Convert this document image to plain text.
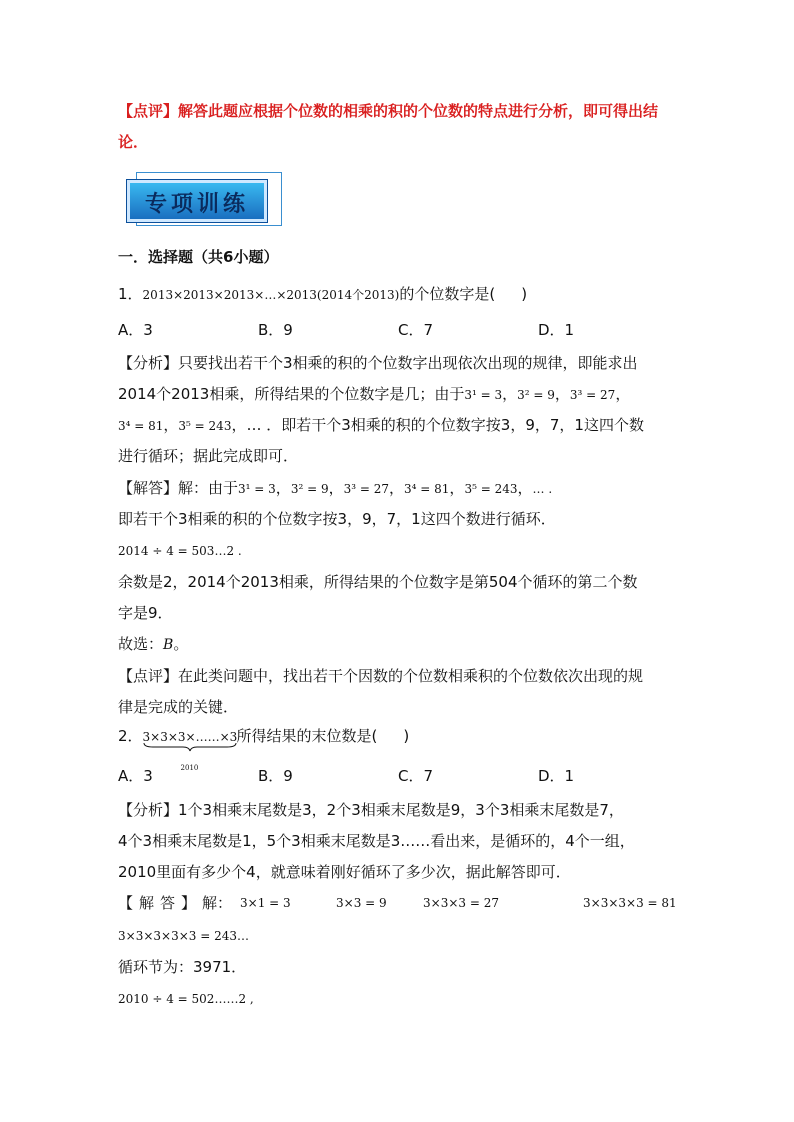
【点评】解答此题应根据个位数的相乘的积的个位数的特点进行分析，即可得出结论．
专项训练
一．选择题（共6小题）
1．2013×2013×2013×…×2013(2014个2013)的个位数字是( )
A．3	B．9	C．7	D．1
【分析】只要找出若干个3相乘的积的个位数字出现依次出现的规律，即能求出
2014个2013相乘，所得结果的个位数字是几；由于3¹ = 3，3² = 9，3³ = 27，
3⁴ = 81，3⁵ = 243，… ．即若干个3相乘的积的个位数字按3，9，7，1这四个数
进行循环；据此完成即可．
【解答】解：由于3¹ = 3，3² = 9，3³ = 27，3⁴ = 81，3⁵ = 243，… .
即若干个3相乘的积的个位数字按3，9，7，1这四个数进行循环．
2014 ÷ 4 = 503…2 .
余数是2，2014个2013相乘，所得结果的个位数字是第504个循环的第二个数
字是9．
故选：B。
【点评】在此类问题中，找出若干个因数的个位数相乘积的个位数依次出现的规
律是完成的关键．
2．3×3×3×……×3
2010
所得结果的末位数是( )
A．3	B．9	C．7	D．1
【分析】1个3相乘末尾数是3，2个3相乘末尾数是9，3个3相乘末尾数是7，
4个3相乘末尾数是1，5个3相乘末尾数是3……看出来，是循环的，4个一组，
2010里面有多少个4，就意味着刚好循环了多少次，据此解答即可．
【解答】解： 3×1 = 3	3×3 = 9	3×3×3 = 27	3×3×3×3 = 81
3×3×3×3×3 = 243…
循环节为：3971．
2010 ÷ 4 = 502……2 ,
